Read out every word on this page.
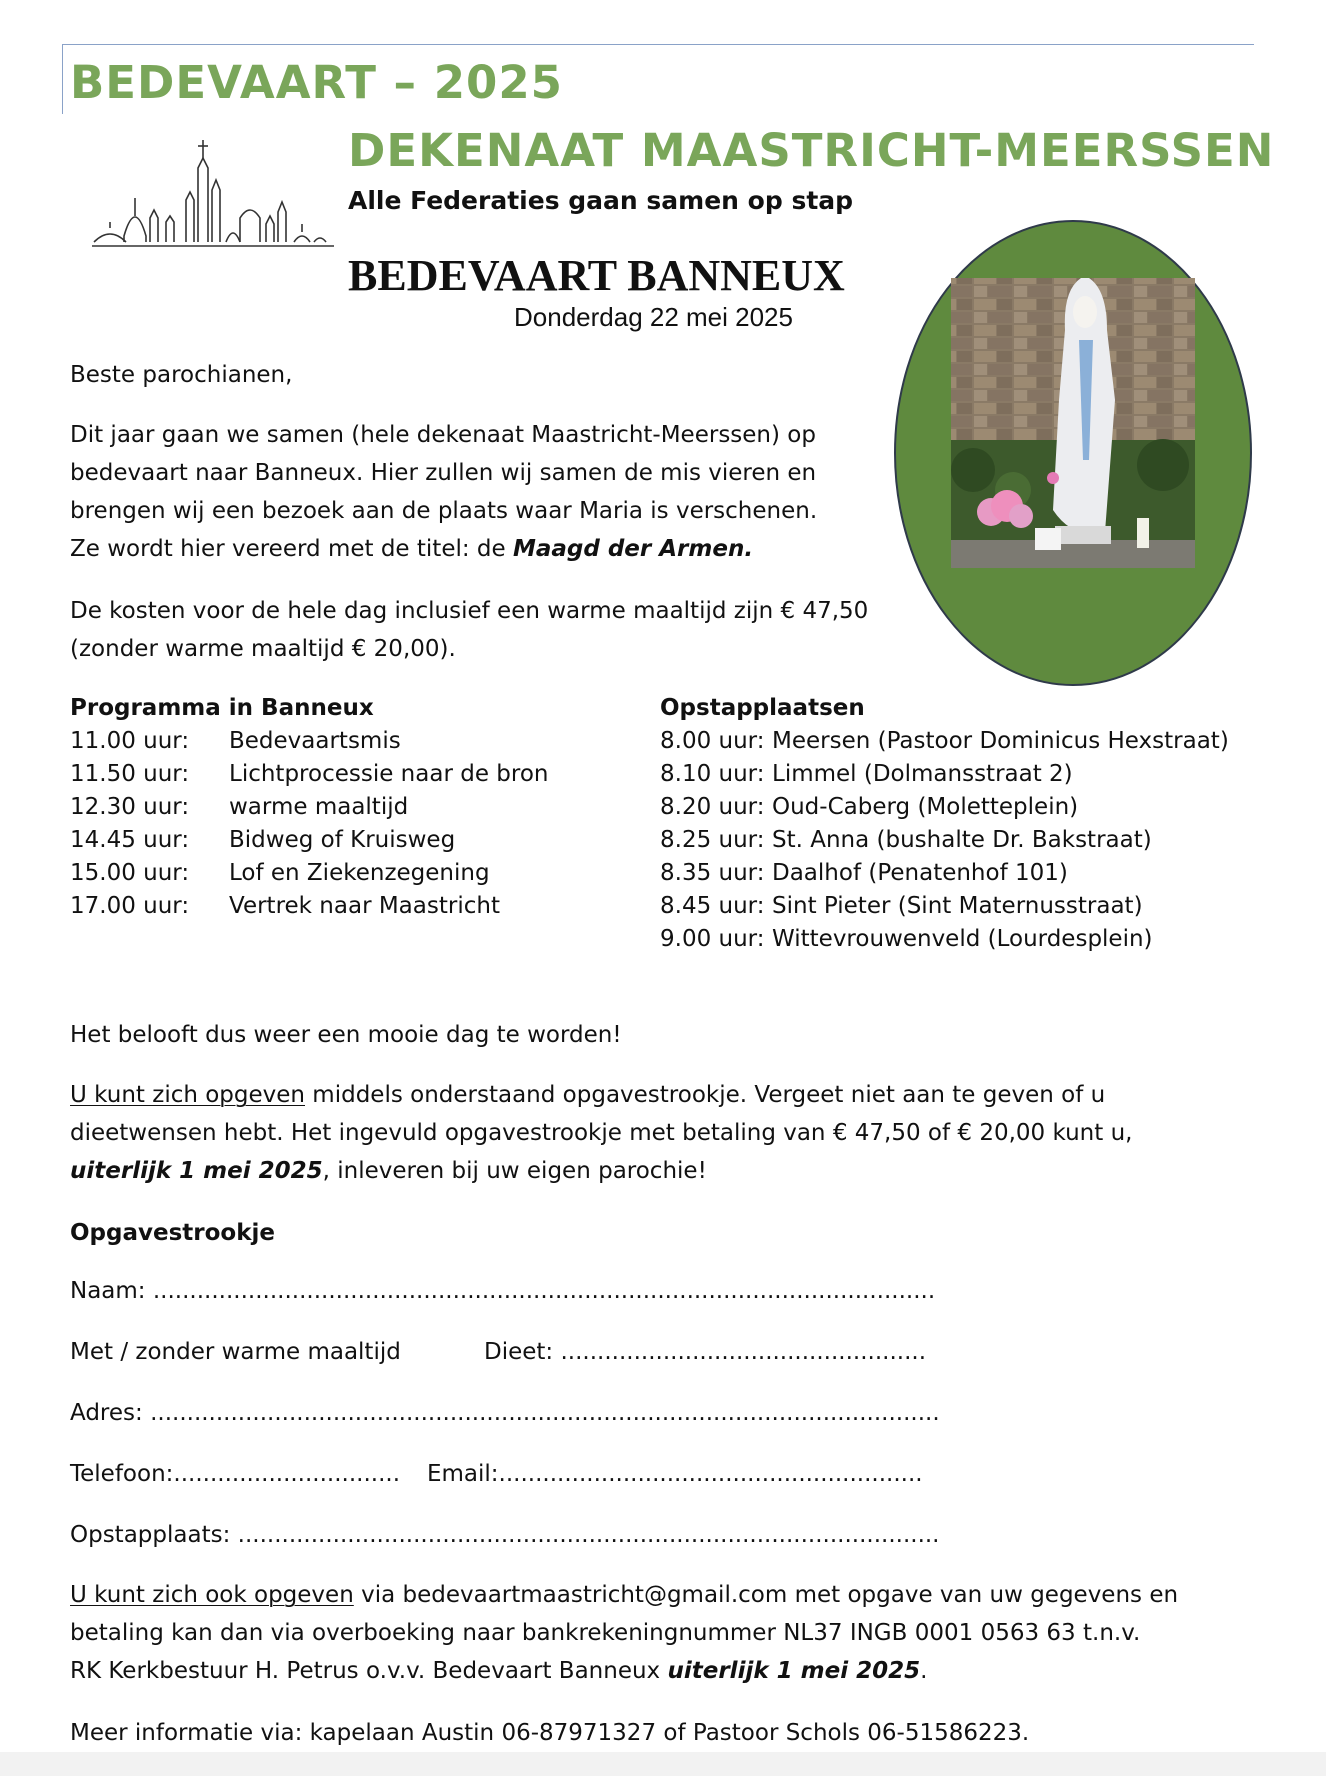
BEDEVAART – 2025
DEKENAAT MAASTRICHT-MEERSSEN
Alle Federaties gaan samen op stap
BEDEVAART BANNEUX
Donderdag 22 mei 2025
Beste parochianen,
Dit jaar gaan we samen (hele dekenaat Maastricht-Meerssen) op
bedevaart naar Banneux. Hier zullen wij samen de mis vieren en
brengen wij een bezoek aan de plaats waar Maria is verschenen.
Ze wordt hier vereerd met de titel: de Maagd der Armen.
De kosten voor de hele dag inclusief een warme maaltijd zijn € 47,50
(zonder warme maaltijd € 20,00).
Programma in Banneux
11.00 uur:	Bedevaartsmis
11.50 uur:	Lichtprocessie naar de bron
12.30 uur:	warme maaltijd
14.45 uur:	Bidweg of Kruisweg
15.00 uur:	Lof en Ziekenzegening
17.00 uur:	Vertrek naar Maastricht
Opstapplaatsen
8.00 uur: Meersen (Pastoor Dominicus Hexstraat)
8.10 uur: Limmel (Dolmansstraat 2)
8.20 uur: Oud-Caberg (Moletteplein)
8.25 uur: St. Anna (bushalte Dr. Bakstraat)
8.35 uur: Daalhof (Penatenhof 101)
8.45 uur: Sint Pieter (Sint Maternusstraat)
9.00 uur: Wittevrouwenveld (Lourdesplein)
Het belooft dus weer een mooie dag te worden!
U kunt zich opgeven middels onderstaand opgavestrookje. Vergeet niet aan te geven of u
dieetwensen hebt. Het ingevuld opgavestrookje met betaling van € 47,50 of € 20,00 kunt u,
uiterlijk 1 mei 2025, inleveren bij uw eigen parochie!
Opgavestrookje
Naam: ...........................................................................................................
Met / zonder warme maaltijd	Dieet: ..................................................
Adres: ............................................................................................................
Telefoon:............................... Email:..........................................................
Opstapplaats: ................................................................................................
U kunt zich ook opgeven via bedevaartmaastricht@gmail.com met opgave van uw gegevens en
betaling kan dan via overboeking naar bankrekeningnummer NL37 INGB 0001 0563 63 t.n.v.
RK Kerkbestuur H. Petrus o.v.v. Bedevaart Banneux uiterlijk 1 mei 2025.
Meer informatie via: kapelaan Austin 06-87971327 of Pastoor Schols 06-51586223.
